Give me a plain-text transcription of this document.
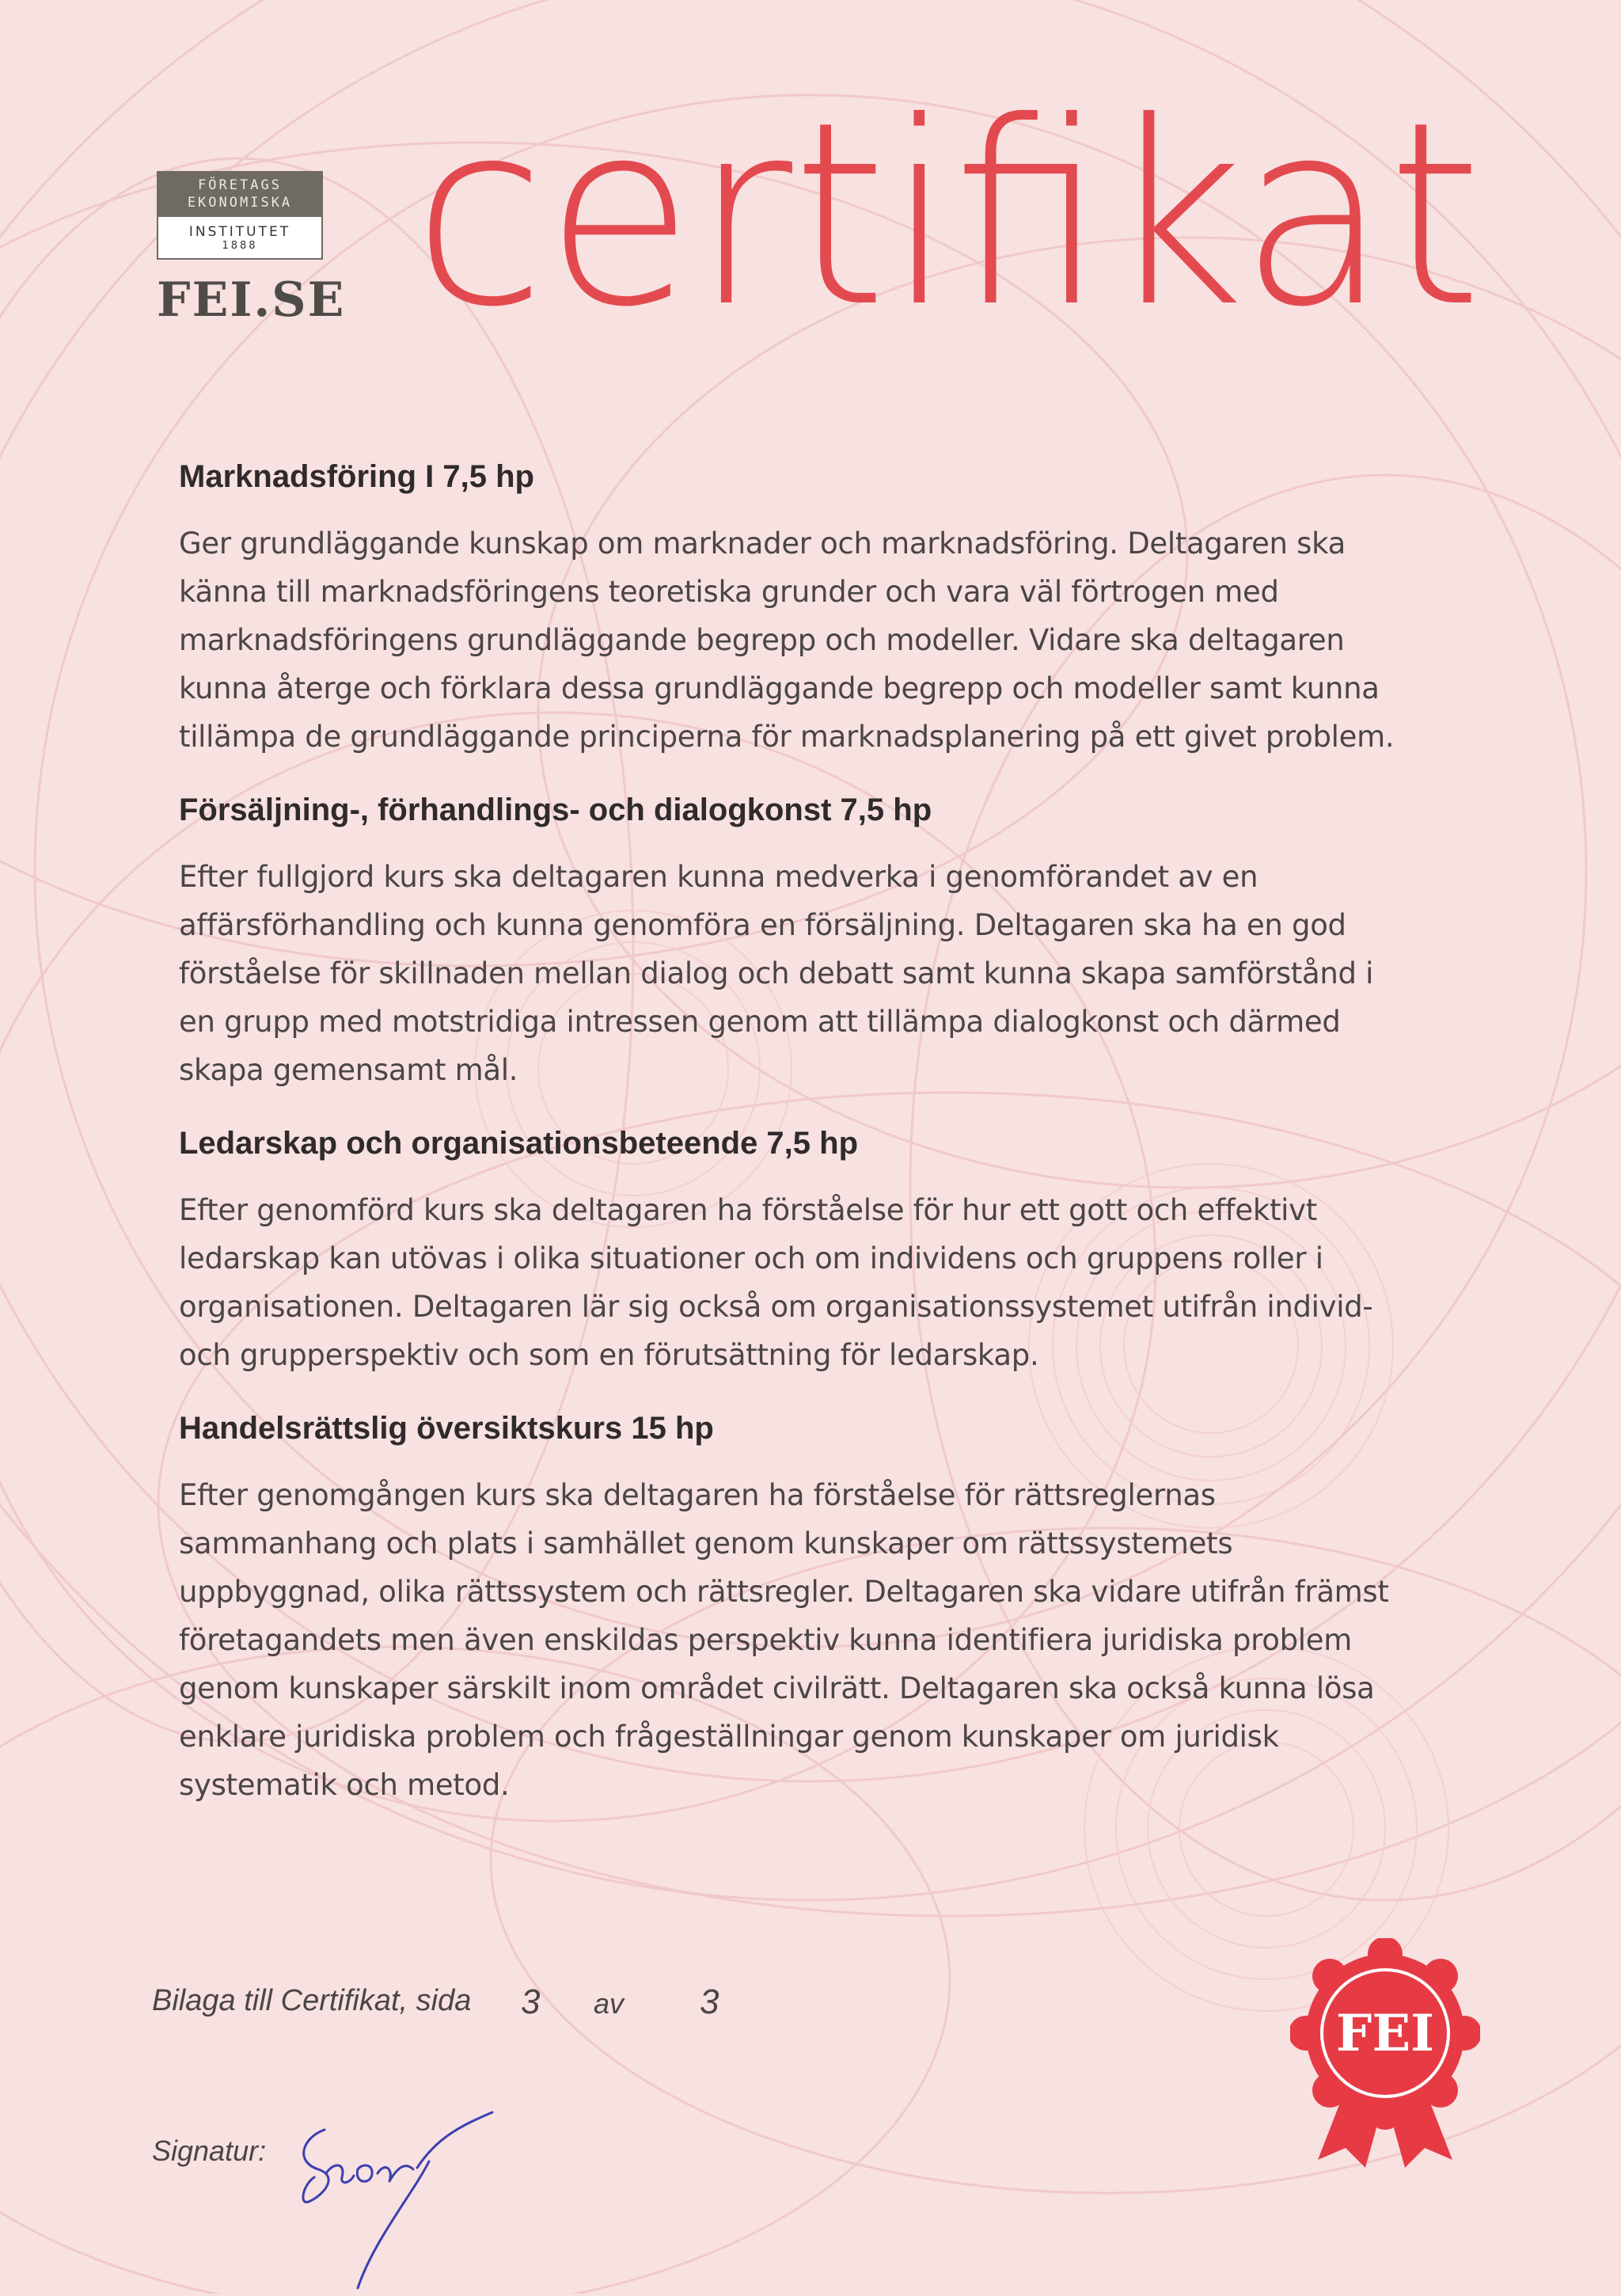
FÖRETAGS
EKONOMISKA
INSTITUTET
1888
FEI.SE certifikat
Marknadsföring I 7,5 hp
Ger grundläggande kunskap om marknader och marknadsföring. Deltagaren ska känna till marknadsföringens teoretiska grunder och vara väl förtrogen med marknadsföringens grundläggande begrepp och modeller. Vidare ska deltagaren kunna återge och förklara dessa grundläggande begrepp och modeller samt kunna tillämpa de grundläggande principerna för marknadsplanering på ett givet problem.
Försäljning-, förhandlings- och dialogkonst 7,5 hp
Efter fullgjord kurs ska deltagaren kunna medverka i genomförandet av en affärsförhandling och kunna genomföra en försäljning. Deltagaren ska ha en god förståelse för skillnaden mellan dialog och debatt samt kunna skapa samförstånd i en grupp med motstridiga intressen genom att tillämpa dialogkonst och därmed skapa gemensamt mål.
Ledarskap och organisationsbeteende 7,5 hp
Efter genomförd kurs ska deltagaren ha förståelse för hur ett gott och effektivt ledarskap kan utövas i olika situationer och om individens och gruppens roller i organisationen. Deltagaren lär sig också om organisationssystemet utifrån individ- och grupperspektiv och som en förutsättning för ledarskap.
Handelsrättslig översiktskurs 15 hp
Efter genomgången kurs ska deltagaren ha förståelse för rättsreglernas sammanhang och plats i samhället genom kunskaper om rättssystemets uppbyggnad, olika rättssystem och rättsregler. Deltagaren ska vidare utifrån främst företagandets men även enskildas perspektiv kunna identifiera juridiska problem genom kunskaper särskilt inom området civilrätt. Deltagaren ska också kunna lösa enklare juridiska problem och frågeställningar genom kunskaper om juridisk systematik och metod.
Bilaga till Certifikat, sida 3 av 3
Signatur:
FEI
